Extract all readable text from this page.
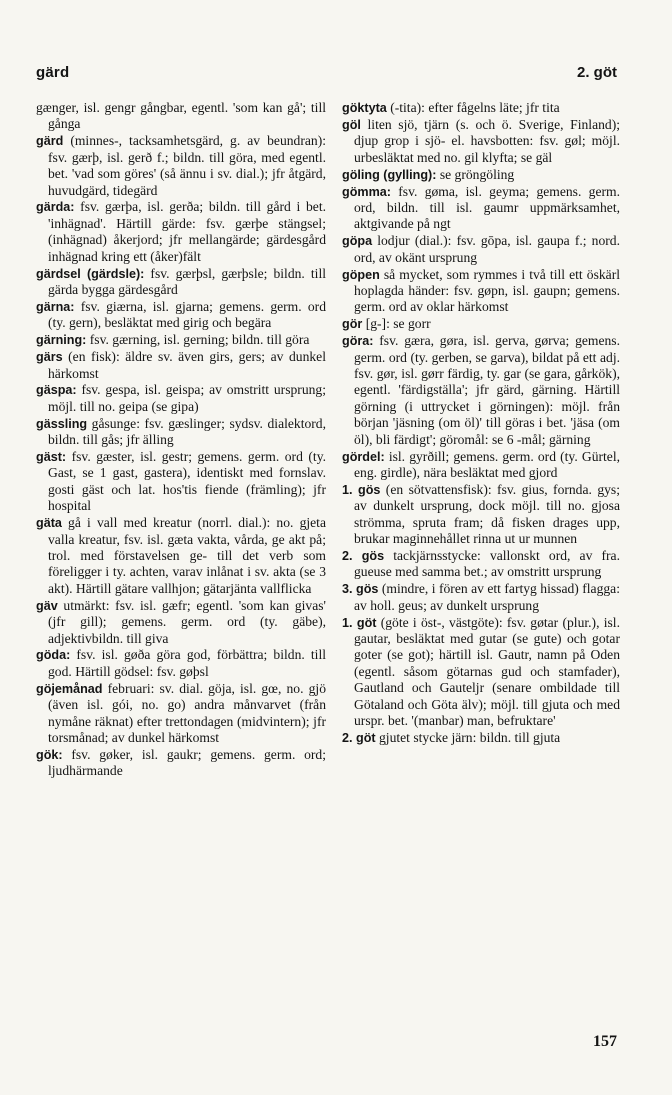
gärd	2. göt

gænger, isl. gengr gångbar, egentl. 'som kan gå'; till gånga

gärd (minnes-, tacksamhetsgärd, g. av beundran): fsv. gærþ, isl. gerð f.; bildn. till göra, med egentl. bet. 'vad som göres' (så ännu i sv. dial.); jfr åtgärd, huvudgärd, tidegärd

gärda: fsv. gærþa, isl. gerða; bildn. till gård i bet. 'inhägnad'. Härtill gärde: fsv. gærþe stängsel; (inhägnad) åkerjord; jfr mellangärde; gärdesgård inhägnad kring ett (åker)fält

gärdsel (gärdsle): fsv. gærþsl, gærþsle; bildn. till gärda bygga gärdesgård

gärna: fsv. giærna, isl. gjarna; gemens. germ. ord (ty. gern), besläktat med girig och begära

gärning: fsv. gærning, isl. gerning; bildn. till göra

gärs (en fisk): äldre sv. även girs, gers; av dunkel härkomst

gäspa: fsv. gespa, isl. geispa; av omstritt ursprung; möjl. till no. geipa (se gipa)

gässling gåsunge: fsv. gæslinger; sydsv. dialektord, bildn. till gås; jfr älling

gäst: fsv. gæster, isl. gestr; gemens. germ. ord (ty. Gast, se 1 gast, gastera), identiskt med fornslav. gosti gäst och lat. hos'tis fiende (främling); jfr hospital

gäta gå i vall med kreatur (norrl. dial.): no. gjeta valla kreatur, fsv. isl. gæta vakta, vårda, ge akt på; trol. med förstavelsen ge- till det verb som föreligger i ty. achten, varav inlånat i sv. akta (se 3 akt). Härtill gätare vallhjon; gätarjänta vallflicka

gäv utmärkt: fsv. isl. gæfr; egentl. 'som kan givas' (jfr gill); gemens. germ. ord (ty. gäbe), adjektivbildn. till giva

göda: fsv. isl. gøða göra god, förbättra; bildn. till god. Härtill gödsel: fsv. gøþsl

göjemånad februari: sv. dial. göja, isl. gœ, no. gjö (även isl. gói, no. go) andra månvarvet (från nymåne räknat) efter trettondagen (midvintern); jfr torsmånad; av dunkel härkomst

gök: fsv. gøker, isl. gaukr; gemens. germ. ord; ljudhärmande

göktyta (-tita): efter fågelns läte; jfr tita

göl liten sjö, tjärn (s. och ö. Sverige, Finland); djup grop i sjö- el. havsbotten: fsv. gøl; möjl. urbesläktat med no. gil klyfta; se gäl

göling (gylling): se gröngöling

gömma: fsv. gøma, isl. geyma; gemens. germ. ord, bildn. till isl. gaumr uppmärksamhet, aktgivande på ngt

göpa lodjur (dial.): fsv. gōpa, isl. gaupa f.; nord. ord, av okänt ursprung

göpen så mycket, som rymmes i två till ett öskärl hoplagda händer: fsv. gøpn, isl. gaupn; gemens. germ. ord av oklar härkomst

gör [g-]: se gorr

göra: fsv. gæra, gøra, isl. gerva, gørva; gemens. germ. ord (ty. gerben, se garva), bildat på ett adj. fsv. gør, isl. gørr färdig, ty. gar (se gara, gårkök), egentl. 'färdigställa'; jfr gärd, gärning. Härtill görning (i uttrycket i görningen): möjl. från början 'jäsning (om öl)' till göras i bet. 'jäsa (om öl), bli färdigt'; göromål: se 6 -mål; gärning

gördel: isl. gyrðill; gemens. germ. ord (ty. Gürtel, eng. girdle), nära besläktat med gjord

1. gös (en sötvattensfisk): fsv. gius, fornda. gys; av dunkelt ursprung, dock möjl. till no. gjosa strömma, spruta fram; då fisken drages upp, brukar maginnehållet rinna ut ur munnen

2. gös tackjärnsstycke: vallonskt ord, av fra. gueuse med samma bet.; av omstritt ursprung

3. gös (mindre, i fören av ett fartyg hissad) flagga: av holl. geus; av dunkelt ursprung

1. göt (göte i öst-, västgöte): fsv. gøtar (plur.), isl. gautar, besläktat med gutar (se gute) och gotar goter (se got); härtill isl. Gautr, namn på Oden (egentl. såsom götarnas gud och stamfader), Gautland och Gauteljr (senare ombildade till Götaland och Göta älv); möjl. till gjuta och med urspr. bet. '(manbar) man, befruktare'

2. göt gjutet stycke järn: bildn. till gjuta

157
